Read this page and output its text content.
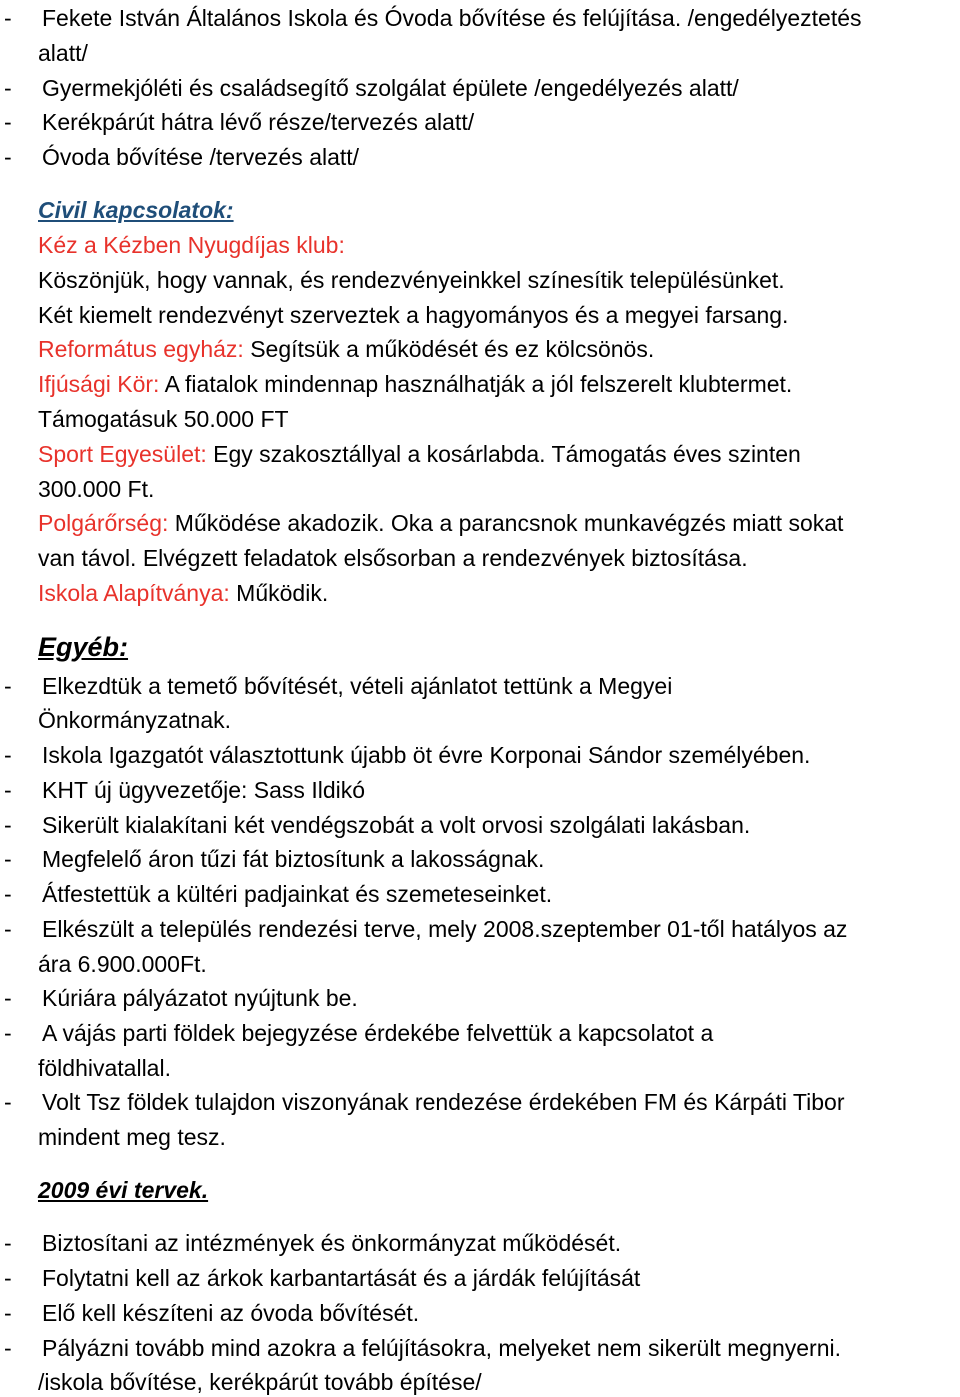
- Fekete István Általános Iskola és Óvoda bővítése és felújítása. /engedélyeztetés
alatt/
- Gyermekjóléti és családsegítő szolgálat épülete /engedélyezés alatt/
- Kerékpárút hátra lévő része/tervezés alatt/
- Óvoda bővítése /tervezés alatt/
Civil kapcsolatok:
Kéz a Kézben Nyugdíjas klub:
Köszönjük, hogy vannak, és rendezvényeinkkel színesítik településünket.
Két kiemelt rendezvényt szerveztek a hagyományos és a megyei farsang.
Református egyház: Segítsük a működését és ez kölcsönös.
Ifjúsági Kör: A fiatalok mindennap használhatják a jól felszerelt klubtermet.
Támogatásuk 50.000 FT
Sport Egyesület: Egy szakosztállyal a kosárlabda. Támogatás éves szinten
300.000 Ft.
Polgárőrség: Működése akadozik. Oka a parancsnok munkavégzés miatt sokat
van távol. Elvégzett feladatok elsősorban a rendezvények biztosítása.
Iskola Alapítványa: Működik.
Egyéb:
- Elkezdtük a temető bővítését, vételi ajánlatot tettünk a Megyei
Önkormányzatnak.
- Iskola Igazgatót választottunk újabb öt évre Korponai Sándor személyében.
- KHT új ügyvezetője: Sass Ildikó
- Sikerült kialakítani két vendégszobát a volt orvosi szolgálati lakásban.
- Megfelelő áron tűzi fát biztosítunk a lakosságnak.
- Átfestettük a kültéri padjainkat és szemeteseinket.
- Elkészült a település rendezési terve, mely 2008.szeptember 01-től hatályos az
ára 6.900.000Ft.
- Kúriára pályázatot nyújtunk be.
- A vájás parti földek bejegyzése érdekébe felvettük a kapcsolatot a
földhivatallal.
- Volt Tsz földek tulajdon viszonyának rendezése érdekében FM és Kárpáti Tibor
mindent meg tesz.
2009 évi tervek.
- Biztosítani az intézmények és önkormányzat működését.
- Folytatni kell az árkok karbantartását és a járdák felújítását
- Elő kell készíteni az óvoda bővítését.
- Pályázni tovább mind azokra a felújításokra, melyeket nem sikerült megnyerni.
/iskola bővítése, kerékpárút tovább építése/
